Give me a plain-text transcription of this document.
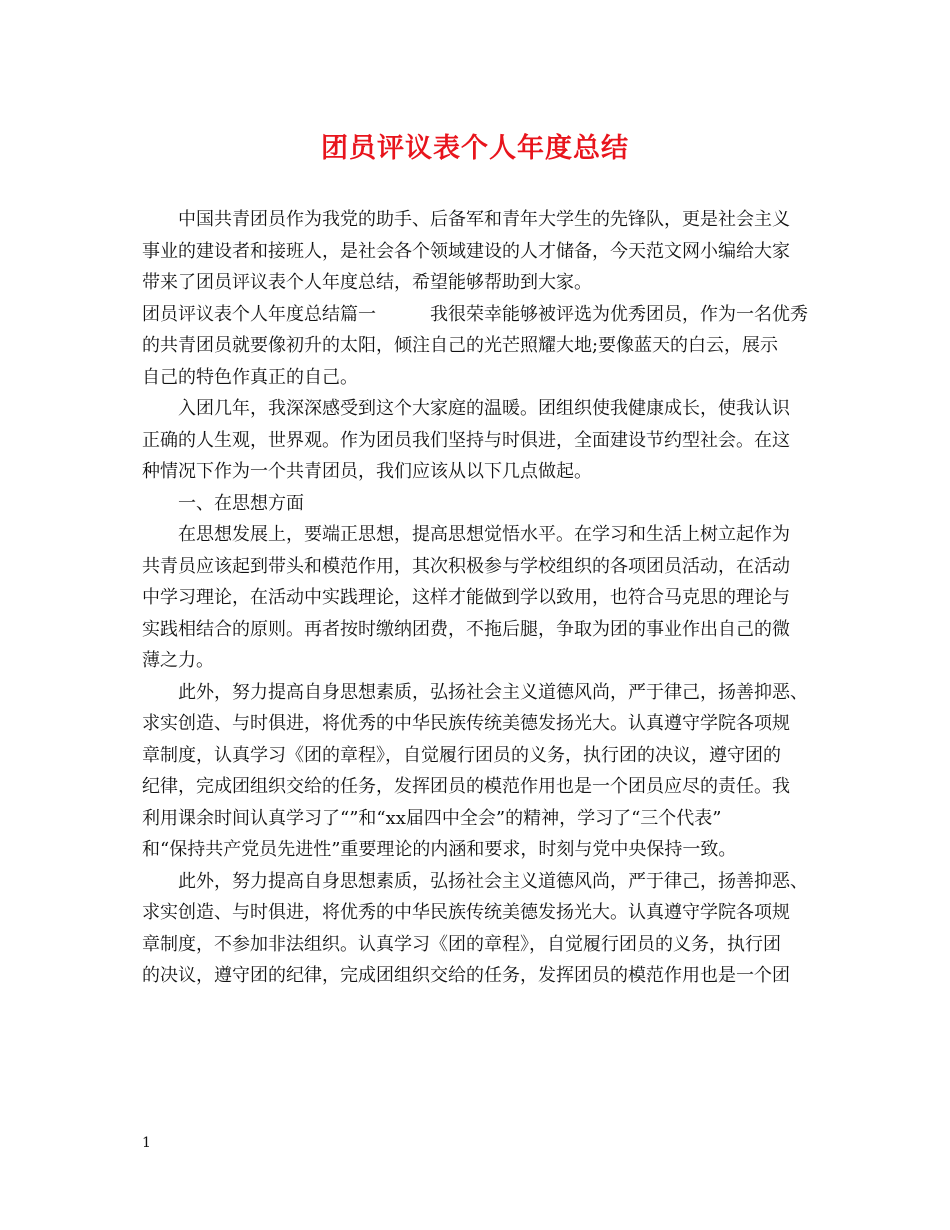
团员评议表个人年度总结
中国共青团员作为我党的助手、后备军和青年大学生的先锋队，更是社会主义
事业的建设者和接班人，是社会各个领域建设的人才储备，今天范文网小编给大家
带来了团员评议表个人年度总结，希望能够帮助到大家。
团员评议表个人年度总结篇一　　　我很荣幸能够被评选为优秀团员，作为一名优秀
的共青团员就要像初升的太阳，倾注自己的光芒照耀大地;要像蓝天的白云，展示
自己的特色作真正的自己。
入团几年，我深深感受到这个大家庭的温暖。团组织使我健康成长，使我认识
正确的人生观，世界观。作为团员我们坚持与时俱进，全面建设节约型社会。在这
种情况下作为一个共青团员，我们应该从以下几点做起。
一、在思想方面
在思想发展上，要端正思想，提高思想觉悟水平。在学习和生活上树立起作为
共青员应该起到带头和模范作用，其次积极参与学校组织的各项团员活动，在活动
中学习理论，在活动中实践理论，这样才能做到学以致用，也符合马克思的理论与
实践相结合的原则。再者按时缴纳团费，不拖后腿，争取为团的事业作出自己的微
薄之力。
此外，努力提高自身思想素质，弘扬社会主义道德风尚，严于律己，扬善抑恶、
求实创造、与时俱进，将优秀的中华民族传统美德发扬光大。认真遵守学院各项规
章制度，认真学习《团的章程》，自觉履行团员的义务，执行团的决议，遵守团的
纪律，完成团组织交给的任务，发挥团员的模范作用也是一个团员应尽的责任。我
利用课余时间认真学习了“”和“xx届四中全会”的精神，学习了“三个代表”
和“保持共产党员先进性”重要理论的内涵和要求，时刻与党中央保持一致。
此外，努力提高自身思想素质，弘扬社会主义道德风尚，严于律己，扬善抑恶、
求实创造、与时俱进，将优秀的中华民族传统美德发扬光大。认真遵守学院各项规
章制度，不参加非法组织。认真学习《团的章程》，自觉履行团员的义务，执行团
的决议，遵守团的纪律，完成团组织交给的任务，发挥团员的模范作用也是一个团
1
